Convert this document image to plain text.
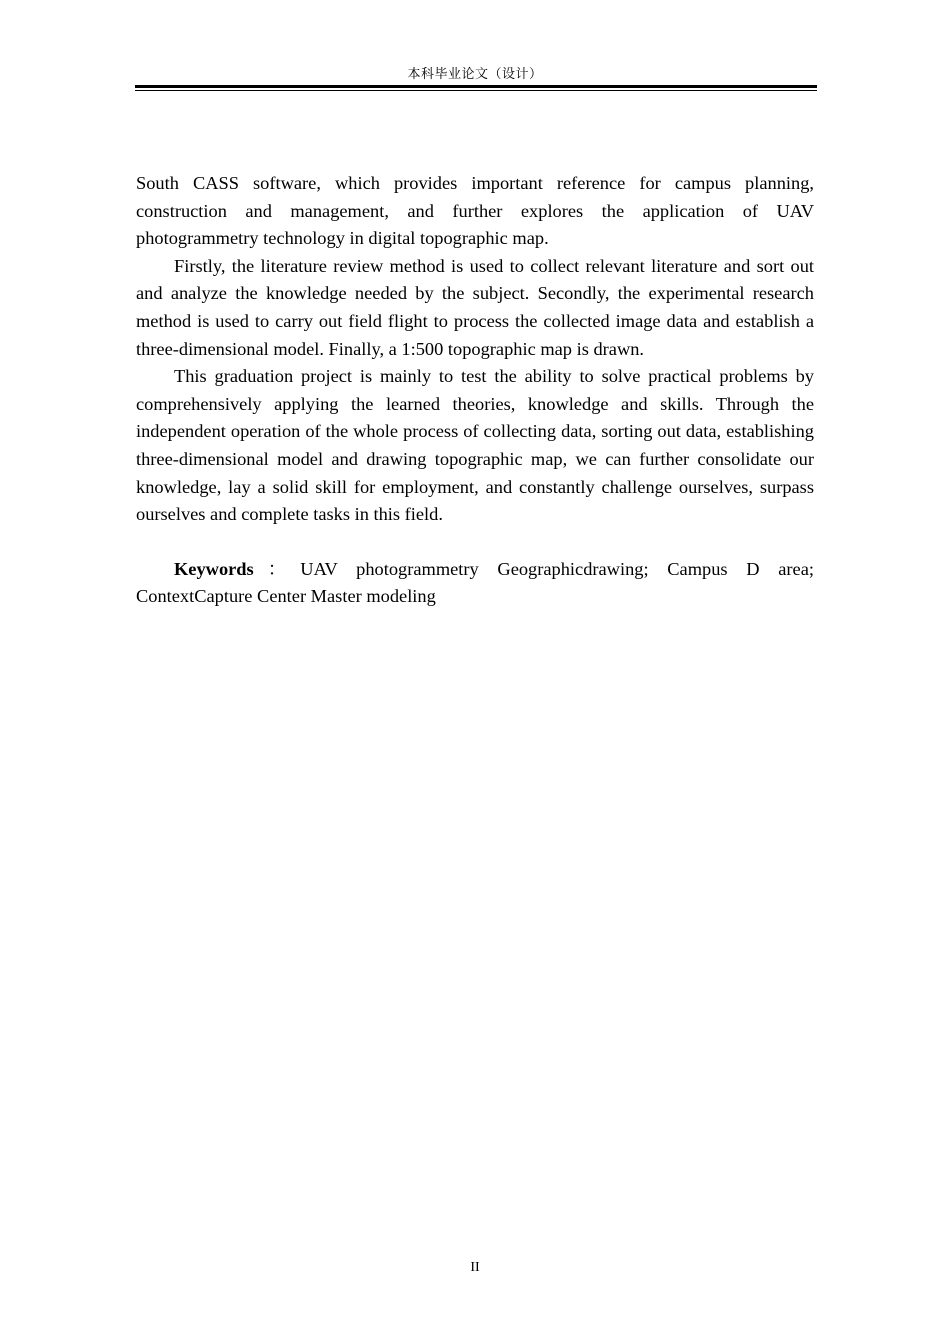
本科毕业论文（设计）

South CASS software, which provides important reference for campus planning, construction and management, and further explores the application of UAV photogrammetry technology in digital topographic map.

Firstly, the literature review method is used to collect relevant literature and sort out and analyze the knowledge needed by the subject. Secondly, the experimental research method is used to carry out field flight to process the collected image data and establish a three-dimensional model. Finally, a 1:500 topographic map is drawn.

This graduation project is mainly to test the ability to solve practical problems by comprehensively applying the learned theories, knowledge and skills. Through the independent operation of the whole process of collecting data, sorting out data, establishing three-dimensional model and drawing topographic map, we can further consolidate our knowledge, lay a solid skill for employment, and constantly challenge ourselves, surpass ourselves and complete tasks in this field.

Keywords：UAV photogrammetry Geographicdrawing; Campus D area; ContextCapture Center Master modeling

II
